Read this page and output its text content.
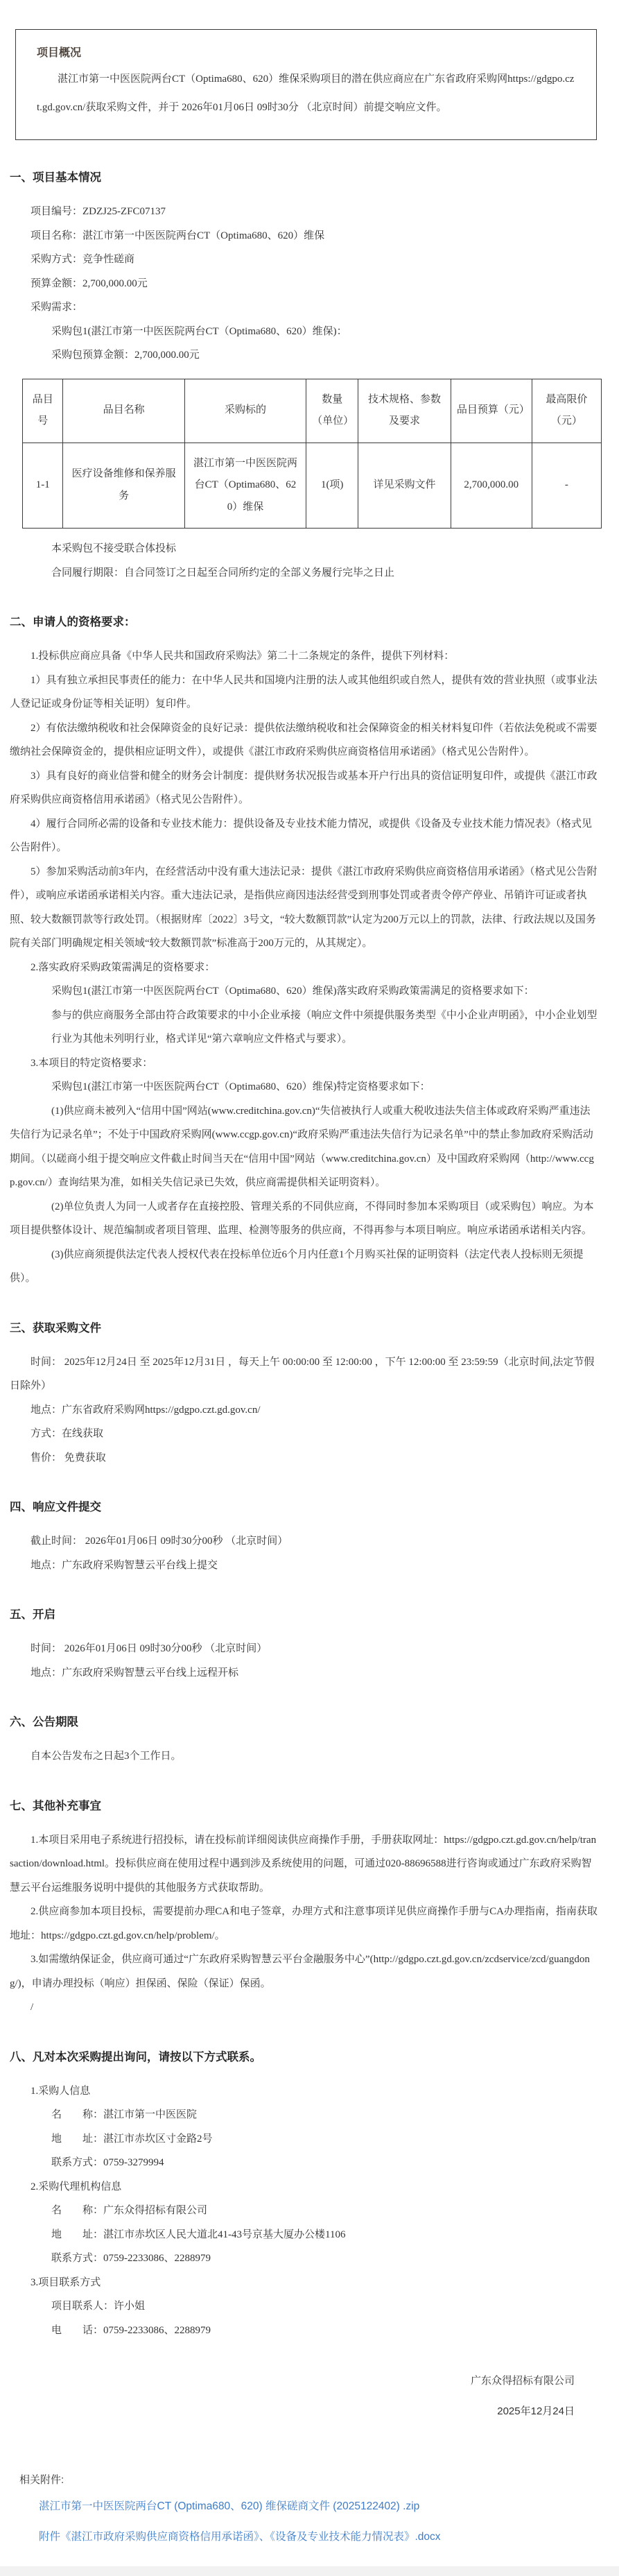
项目概况

湛江市第一中医医院两台CT（Optima680、620）维保采购项目的潜在供应商应在广东省政府采购网https://gdgpo.czt.gd.gov.cn/获取采购文件，并于 2026年01月06日 09时30分 （北京时间）前提交响应文件。

一、项目基本情况

项目编号：ZDZJ25-ZFC07137

项目名称：湛江市第一中医医院两台CT（Optima680、620）维保

采购方式：竞争性磋商

预算金额：2,700,000.00元

采购需求：

采购包1(湛江市第一中医医院两台CT（Optima680、620）维保)：

采购包预算金额：2,700,000.00元

品目号	品目名称	采购标的	数量（单位）	技术规格、参数及要求	品目预算（元）	最高限价（元）
1-1	医疗设备维修和保养服务	湛江市第一中医医院两台CT（Optima680、620）维保	1(项)	详见采购文件	2,700,000.00	-

本采购包不接受联合体投标

合同履行期限：自合同签订之日起至合同所约定的全部义务履行完毕之日止

二、申请人的资格要求：

1.投标供应商应具备《中华人民共和国政府采购法》第二十二条规定的条件，提供下列材料：

1）具有独立承担民事责任的能力：在中华人民共和国境内注册的法人或其他组织或自然人，提供有效的营业执照（或事业法人登记证或身份证等相关证明）复印件。

2）有依法缴纳税收和社会保障资金的良好记录：提供依法缴纳税收和社会保障资金的相关材料复印件（若依法免税或不需要缴纳社会保障资金的，提供相应证明文件），或提供《湛江市政府采购供应商资格信用承诺函》（格式见公告附件）。

3）具有良好的商业信誉和健全的财务会计制度：提供财务状况报告或基本开户行出具的资信证明复印件，或提供《湛江市政府采购供应商资格信用承诺函》（格式见公告附件）。

4）履行合同所必需的设备和专业技术能力：提供设备及专业技术能力情况，或提供《设备及专业技术能力情况表》（格式见公告附件）。

5）参加采购活动前3年内，在经营活动中没有重大违法记录：提供《湛江市政府采购供应商资格信用承诺函》（格式见公告附件），或响应承诺函承诺相关内容。重大违法记录，是指供应商因违法经营受到刑事处罚或者责令停产停业、吊销许可证或者执照、较大数额罚款等行政处罚。（根据财库〔2022〕3号文，“较大数额罚款”认定为200万元以上的罚款，法律、行政法规以及国务院有关部门明确规定相关领域“较大数额罚款”标准高于200万元的，从其规定）。

2.落实政府采购政策需满足的资格要求：

采购包1(湛江市第一中医医院两台CT（Optima680、620）维保)落实政府采购政策需满足的资格要求如下：

参与的供应商服务全部由符合政策要求的中小企业承接（响应文件中须提供服务类型《中小企业声明函》，中小企业划型行业为其他未列明行业，格式详见“第六章响应文件格式与要求）。

3.本项目的特定资格要求：

采购包1(湛江市第一中医医院两台CT（Optima680、620）维保)特定资格要求如下：

(1)供应商未被列入“信用中国”网站(www.creditchina.gov.cn)“失信被执行人或重大税收违法失信主体或政府采购严重违法失信行为记录名单”；不处于中国政府采购网(www.ccgp.gov.cn)“政府采购严重违法失信行为记录名单”中的禁止参加政府采购活动期间。（以磋商小组于提交响应文件截止时间当天在“信用中国”网站（www.creditchina.gov.cn）及中国政府采购网（http://www.ccgp.gov.cn/）查询结果为准，如相关失信记录已失效，供应商需提供相关证明资料）。

(2)单位负责人为同一人或者存在直接控股、管理关系的不同供应商，不得同时参加本采购项目（或采购包）响应。为本项目提供整体设计、规范编制或者项目管理、监理、检测等服务的供应商，不得再参与本项目响应。响应承诺函承诺相关内容。

(3)供应商须提供法定代表人授权代表在投标单位近6个月内任意1个月购买社保的证明资料（法定代表人投标则无须提供）。

三、获取采购文件

时间： 2025年12月24日 至 2025年12月31日 ，每天上午 00:00:00 至 12:00:00 ，下午 12:00:00 至 23:59:59（北京时间,法定节假日除外）

地点：广东省政府采购网https://gdgpo.czt.gd.gov.cn/

方式：在线获取

售价： 免费获取

四、响应文件提交

截止时间： 2026年01月06日 09时30分00秒 （北京时间）

地点：广东政府采购智慧云平台线上提交

五、开启

时间： 2026年01月06日 09时30分00秒 （北京时间）

地点：广东政府采购智慧云平台线上远程开标

六、公告期限

自本公告发布之日起3个工作日。

七、其他补充事宜

1.本项目采用电子系统进行招投标，请在投标前详细阅读供应商操作手册，手册获取网址：https://gdgpo.czt.gd.gov.cn/help/transaction/download.html。投标供应商在使用过程中遇到涉及系统使用的问题，可通过020-88696588进行咨询或通过广东政府采购智慧云平台运维服务说明中提供的其他服务方式获取帮助。

2.供应商参加本项目投标，需要提前办理CA和电子签章，办理方式和注意事项详见供应商操作手册与CA办理指南，指南获取地址：https://gdgpo.czt.gd.gov.cn/help/problem/。

3.如需缴纳保证金，供应商可通过“广东政府采购智慧云平台金融服务中心”(http://gdgpo.czt.gd.gov.cn/zcdservice/zcd/guangdong/)，申请办理投标（响应）担保函、保险（保证）保函。

/

八、凡对本次采购提出询问，请按以下方式联系。

1.采购人信息

名　　称：湛江市第一中医医院

地　　址：湛江市赤坎区寸金路2号

联系方式：0759-3279994

2.采购代理机构信息

名　　称：广东众得招标有限公司

地　　址：湛江市赤坎区人民大道北41-43号京基大厦办公楼1106

联系方式：0759-2233086、2288979

3.项目联系方式

项目联系人：许小姐

电　　话：0759-2233086、2288979

广东众得招标有限公司
2025年12月24日
相关附件:
湛江市第一中医医院两台CT (Optima680、620) 维保磋商文件 (2025122402) .zip
附件《湛江市政府采购供应商资格信用承诺函》、《设备及专业技术能力情况表》.docx
